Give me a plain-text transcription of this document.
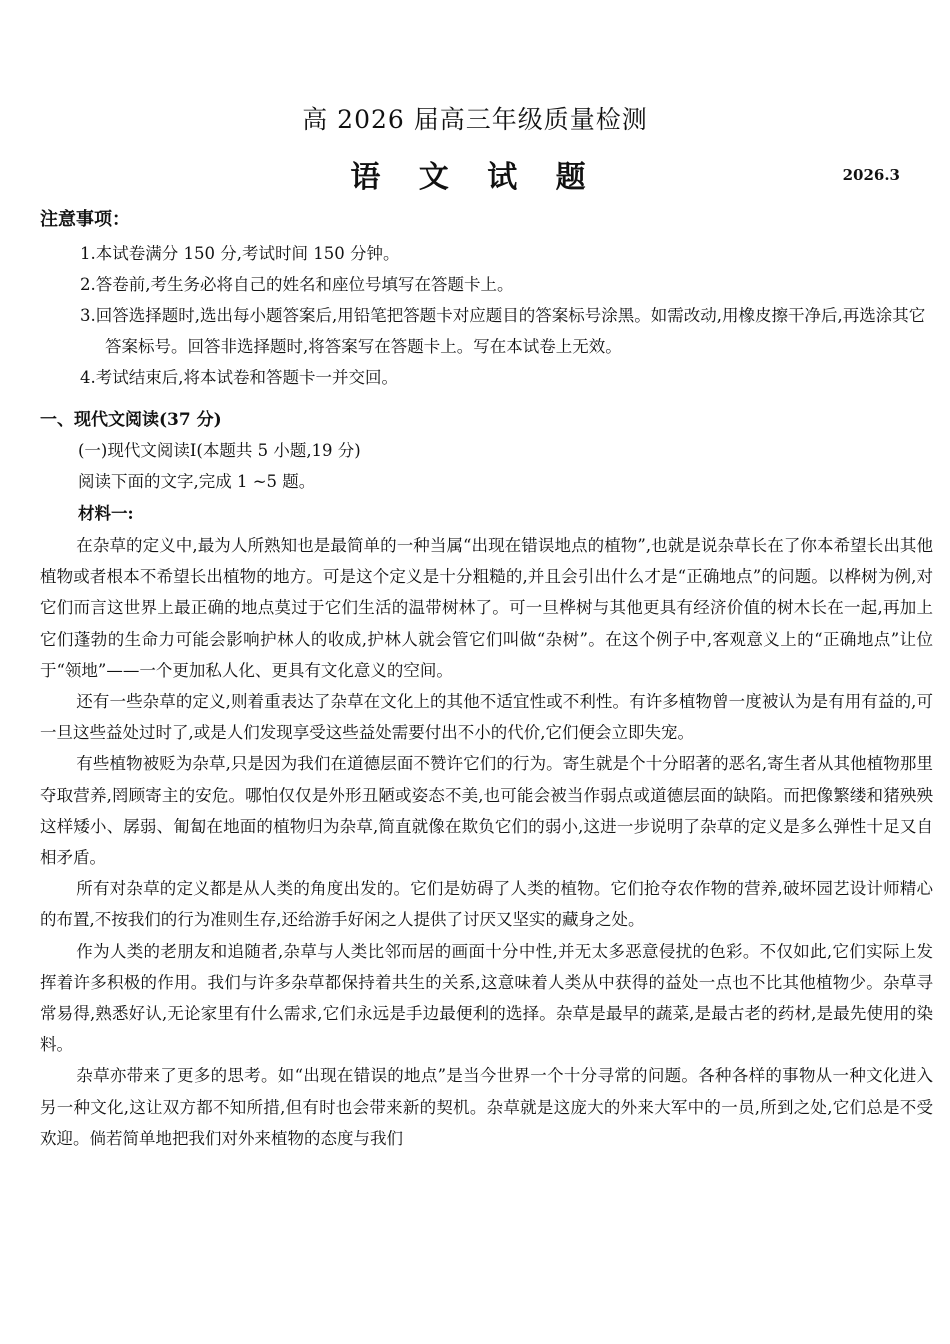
高 2026 届高三年级质量检测
语 文 试 题	2026.3
注意事项：
1.本试卷满分 150 分,考试时间 150 分钟。
2.答卷前,考生务必将自己的姓名和座位号填写在答题卡上。
3.回答选择题时,选出每小题答案后,用铅笔把答题卡对应题目的答案标号涂黑。如需改动,用橡皮擦干净后,再选涂其它答案标号。回答非选择题时,将答案写在答题卡上。写在本试卷上无效。
4.考试结束后,将本试卷和答题卡一并交回。
一、现代文阅读(37 分)
(一)现代文阅读Ⅰ(本题共 5 小题,19 分)
阅读下面的文字,完成 1 ~5 题。
材料一:

在杂草的定义中,最为人所熟知也是最简单的一种当属“出现在错误地点的植物”,也就是说杂草长在了你本希望长出其他植物或者根本不希望长出植物的地方。可是这个定义是十分粗糙的,并且会引出什么才是“正确地点”的问题。以桦树为例,对它们而言这世界上最正确的地点莫过于它们生活的温带树林了。可一旦桦树与其他更具有经济价值的树木长在一起,再加上它们蓬勃的生命力可能会影响护林人的收成,护林人就会管它们叫做“杂树”。在这个例子中,客观意义上的“正确地点”让位于“领地”——一个更加私人化、更具有文化意义的空间。

还有一些杂草的定义,则着重表达了杂草在文化上的其他不适宜性或不利性。有许多植物曾一度被认为是有用有益的,可一旦这些益处过时了,或是人们发现享受这些益处需要付出不小的代价,它们便会立即失宠。

有些植物被贬为杂草,只是因为我们在道德层面不赞许它们的行为。寄生就是个十分昭著的恶名,寄生者从其他植物那里夺取营养,罔顾寄主的安危。哪怕仅仅是外形丑陋或姿态不美,也可能会被当作弱点或道德层面的缺陷。而把像繁缕和猪殃殃这样矮小、孱弱、匍匐在地面的植物归为杂草,简直就像在欺负它们的弱小,这进一步说明了杂草的定义是多么弹性十足又自相矛盾。

所有对杂草的定义都是从人类的角度出发的。它们是妨碍了人类的植物。它们抢夺农作物的营养,破坏园艺设计师精心的布置,不按我们的行为准则生存,还给游手好闲之人提供了讨厌又坚实的藏身之处。

作为人类的老朋友和追随者,杂草与人类比邻而居的画面十分中性,并无太多恶意侵扰的色彩。不仅如此,它们实际上发挥着许多积极的作用。我们与许多杂草都保持着共生的关系,这意味着人类从中获得的益处一点也不比其他植物少。杂草寻常易得,熟悉好认,无论家里有什么需求,它们永远是手边最便利的选择。杂草是最早的蔬菜,是最古老的药材,是最先使用的染料。

杂草亦带来了更多的思考。如“出现在错误的地点”是当今世界一个十分寻常的问题。各种各样的事物从一种文化进入另一种文化,这让双方都不知所措,但有时也会带来新的契机。杂草就是这庞大的外来大军中的一员,所到之处,它们总是不受欢迎。倘若简单地把我们对外来植物的态度与我们
